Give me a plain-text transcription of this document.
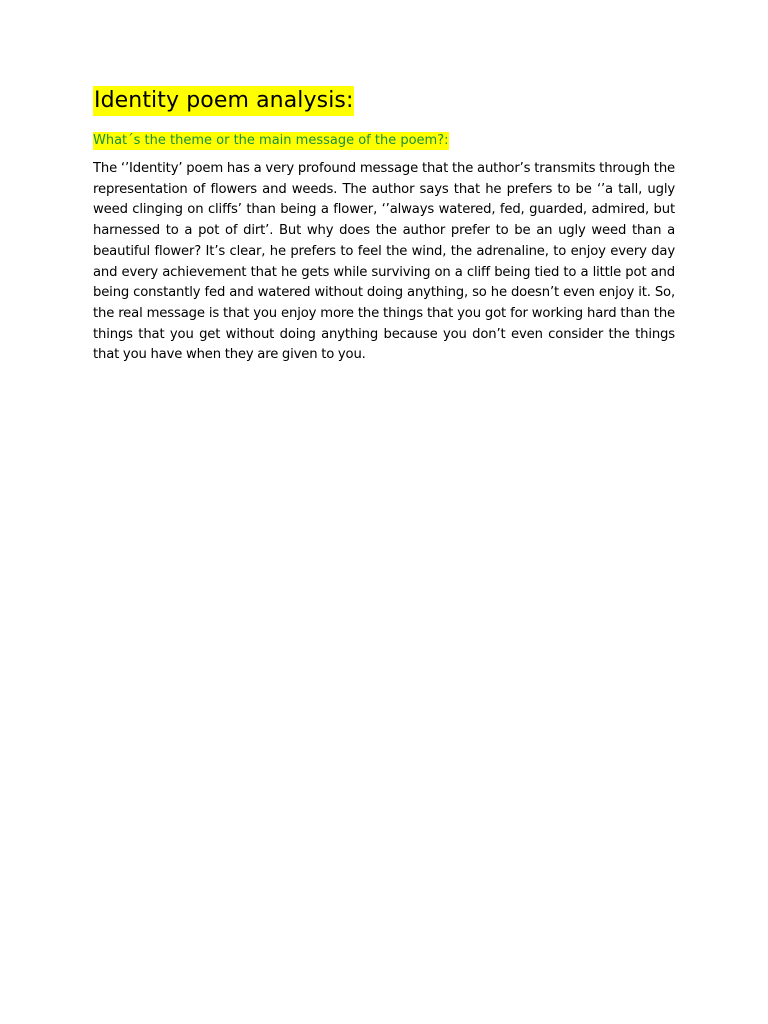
Identity poem analysis:
What´s the theme or the main message of the poem?:

The ‘’Identity’ poem has a very profound message that the author’s transmits through the representation of flowers and weeds. The author says that he prefers to be ‘’a tall, ugly weed clinging on cliffs’ than being a flower, ‘’always watered, fed, guarded, admired, but harnessed to a pot of dirt’. But why does the author prefer to be an ugly weed than a beautiful flower? It’s clear, he prefers to feel the wind, the adrenaline, to enjoy every day and every achievement that he gets while surviving on a cliff being tied to a little pot and being constantly fed and watered without doing anything, so he doesn’t even enjoy it. So, the real message is that you enjoy more the things that you got for working hard than the things that you get without doing anything because you don’t even consider the things that you have when they are given to you.
